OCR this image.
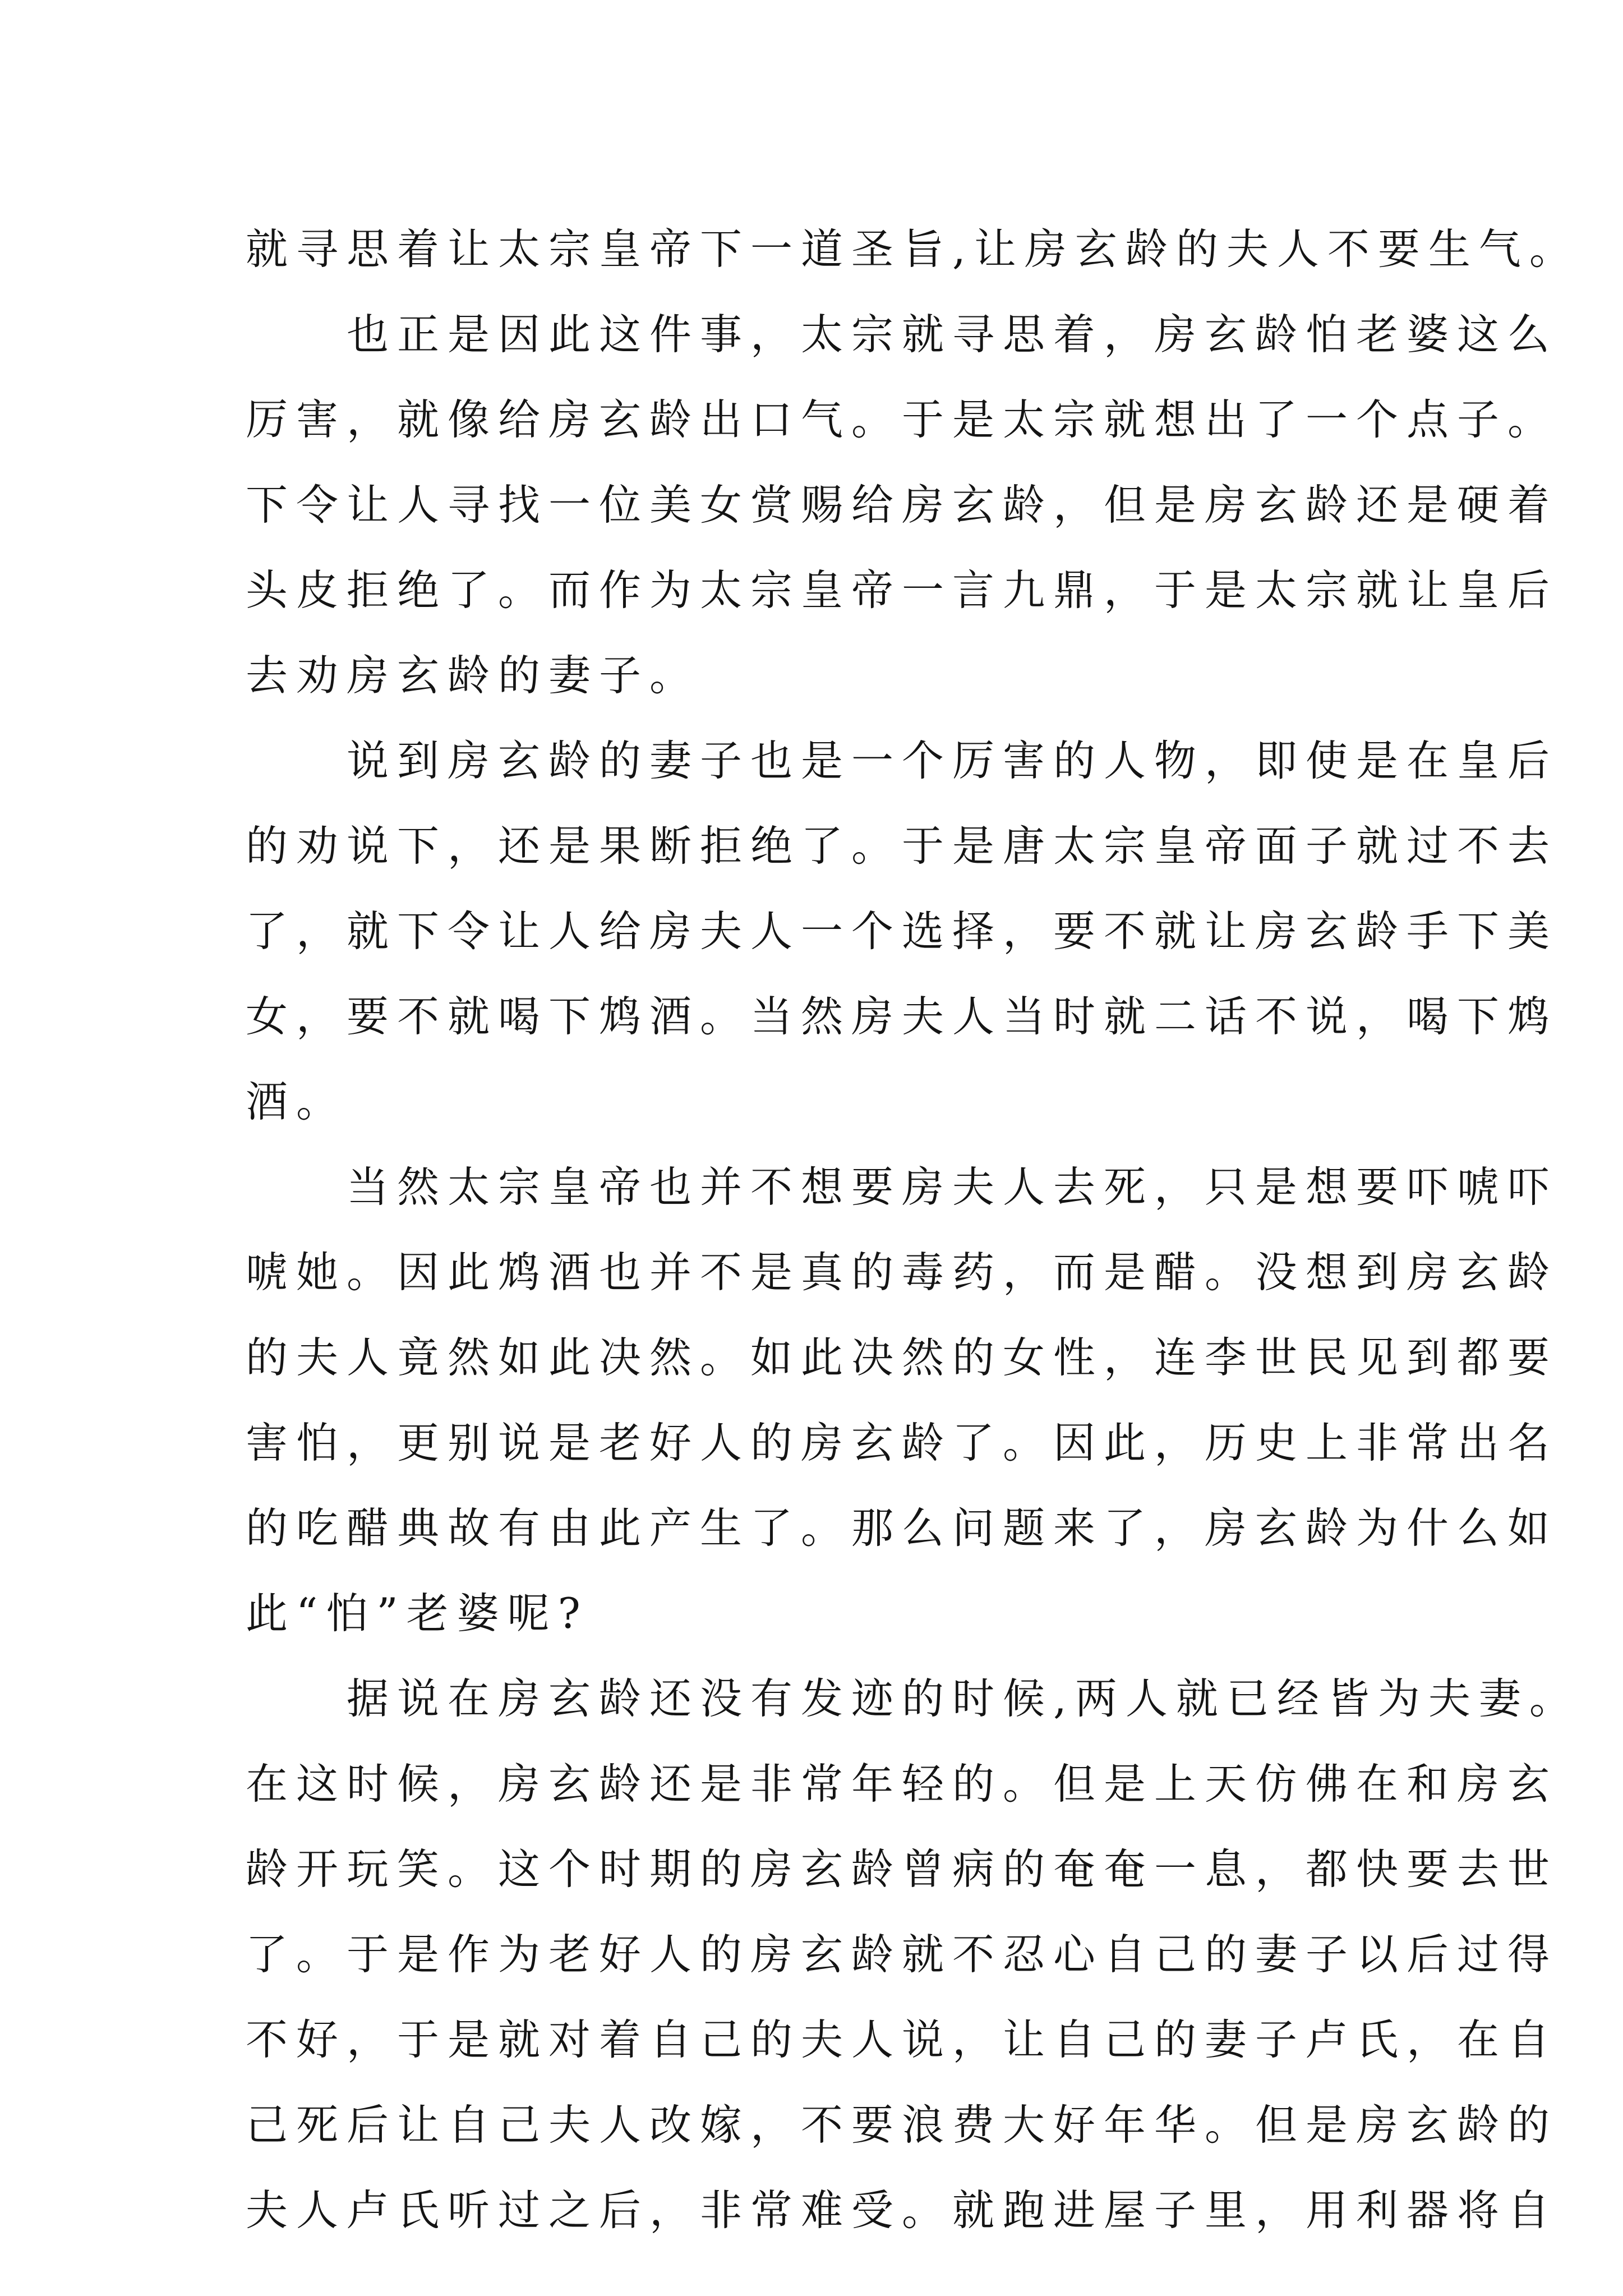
就寻思着让太宗皇帝下一道圣旨,让房玄龄的夫人不要生气。
　　也正是因此这件事，太宗就寻思着，房玄龄怕老婆这么
厉害，就像给房玄龄出口气。于是太宗就想出了一个点子。
下令让人寻找一位美女赏赐给房玄龄，但是房玄龄还是硬着
头皮拒绝了。而作为太宗皇帝一言九鼎，于是太宗就让皇后
去劝房玄龄的妻子。
　　说到房玄龄的妻子也是一个厉害的人物，即使是在皇后
的劝说下，还是果断拒绝了。于是唐太宗皇帝面子就过不去
了，就下令让人给房夫人一个选择，要不就让房玄龄手下美
女，要不就喝下鸩酒。当然房夫人当时就二话不说，喝下鸩
酒。
　　当然太宗皇帝也并不想要房夫人去死，只是想要吓唬吓
唬她。因此鸩酒也并不是真的毒药，而是醋。没想到房玄龄
的夫人竟然如此决然。如此决然的女性，连李世民见到都要
害怕，更别说是老好人的房玄龄了。因此，历史上非常出名
的吃醋典故有由此产生了。那么问题来了，房玄龄为什么如
此“怕”老婆呢?
　　据说在房玄龄还没有发迹的时候,两人就已经皆为夫妻。
在这时候，房玄龄还是非常年轻的。但是上天仿佛在和房玄
龄开玩笑。这个时期的房玄龄曾病的奄奄一息，都快要去世
了。于是作为老好人的房玄龄就不忍心自己的妻子以后过得
不好，于是就对着自己的夫人说，让自己的妻子卢氏，在自
己死后让自己夫人改嫁，不要浪费大好年华。但是房玄龄的
夫人卢氏听过之后，非常难受。就跑进屋子里，用利器将自
